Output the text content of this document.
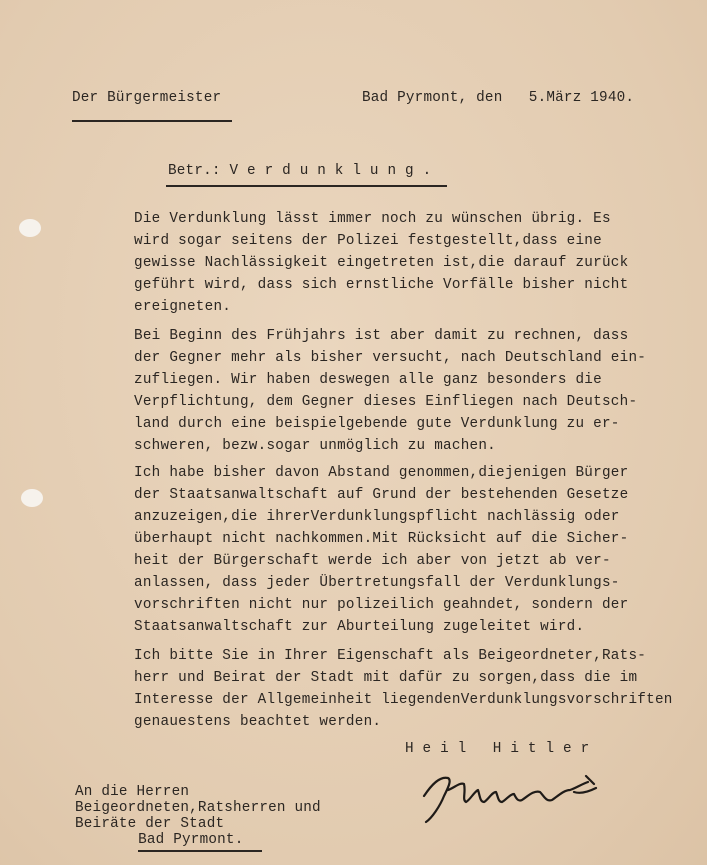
Der Bürgermeister	Bad Pyrmont, den   5.März 1940.
Betr.: V e r d u n k l u n g .
Die Verdunklung lässt immer noch zu wünschen übrig. Es
wird sogar seitens der Polizei festgestellt,dass eine
gewisse Nachlässigkeit eingetreten ist,die darauf zurück
geführt wird, dass sich ernstliche Vorfälle bisher nicht
ereigneten.
Bei Beginn des Frühjahrs ist aber damit zu rechnen, dass
der Gegner mehr als bisher versucht, nach Deutschland ein-
zufliegen. Wir haben deswegen alle ganz besonders die
Verpflichtung, dem Gegner dieses Einfliegen nach Deutsch-
land durch eine beispielgebende gute Verdunklung zu er-
schweren, bezw.sogar unmöglich zu machen.
Ich habe bisher davon Abstand genommen,diejenigen Bürger
der Staatsanwaltschaft auf Grund der bestehenden Gesetze
anzuzeigen,die ihrerVerdunklungspflicht nachlässig oder
überhaupt nicht nachkommen.Mit Rücksicht auf die Sicher-
heit der Bürgerschaft werde ich aber von jetzt ab ver-
anlassen, dass jeder Übertretungsfall der Verdunklungs-
vorschriften nicht nur polizeilich geahndet, sondern der
Staatsanwaltschaft zur Aburteilung zugeleitet wird.
Ich bitte Sie in Ihrer Eigenschaft als Beigeordneter,Rats-
herr und Beirat der Stadt mit dafür zu sorgen,dass die im
Interesse der Allgemeinheit liegendenVerdunklungsvorschriften
genauestens beachtet werden.
H e i l   H i t l e r
An die Herren
Beigeordneten,Ratsherren und
Beiräte der Stadt
Bad Pyrmont.
